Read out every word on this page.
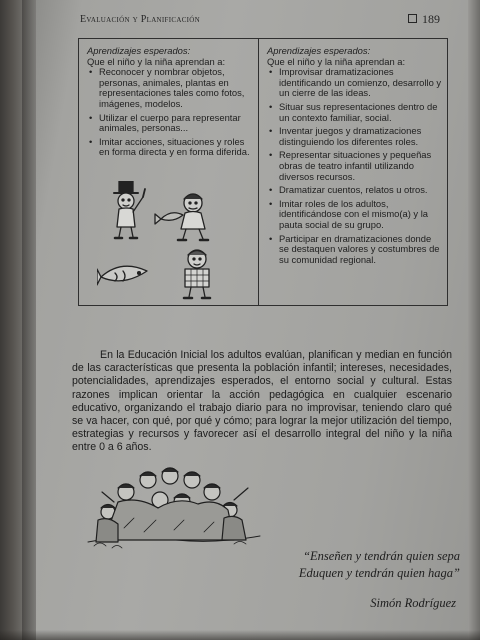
Evaluación y Planificación	189

Aprendizajes esperados:

Que el niño y la niña aprendan a:

• Reconocer y nombrar objetos, personas, animales, plantas en representaciones tales como fotos, imágenes, modelos.
• Utilizar el cuerpo para representar animales, personas...
• Imitar acciones, situaciones y roles en forma directa y en forma diferida.

Aprendizajes esperados:

Que el niño y la niña aprendan a:

• Improvisar dramatizaciones identificando un comienzo, desarrollo y un cierre de las ideas.
• Situar sus representaciones dentro de un contexto familiar, social.
• Inventar juegos y dramatizaciones distinguiendo los diferentes roles.
• Representar situaciones y pequeñas obras de teatro infantil utilizando diversos recursos.
• Dramatizar cuentos, relatos u otros.
• Imitar roles de los adultos, identificándose con el mismo(a) y la pauta social de su grupo.
• Participar en dramatizaciones donde se destaquen valores y costumbres de su comunidad regional.

En la Educación Inicial los adultos evalúan, planifican y median en función de las características que presenta la población infantil; intereses, necesidades, potencialidades, aprendizajes esperados, el entorno social y cultural. Estas razones implican orientar la acción pedagógica en cualquier escenario educativo, organizando el trabajo diario para no improvisar, teniendo claro qué se va hacer, con qué, por qué y cómo; para lograr la mejor utilización del tiempo, estrategias y recursos y favorecer así el desarrollo integral del niño y la niña entre 0 a 6 años.

“Enseñen y tendrán quien sepa
Eduquen y tendrán quien haga”
Simón Rodríguez
